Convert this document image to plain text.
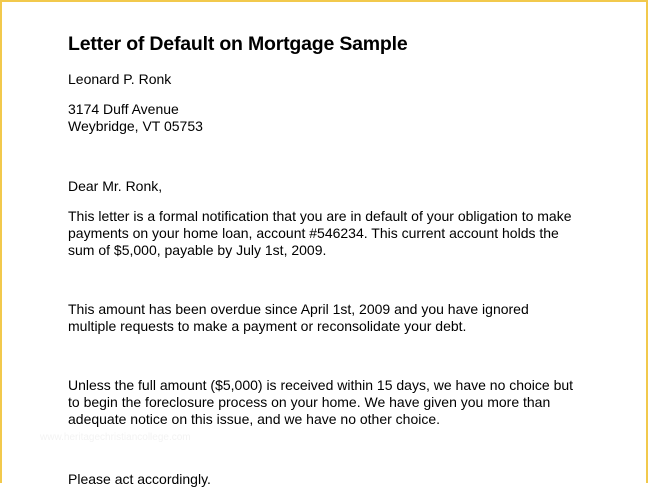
Letter of Default on Mortgage Sample
Leonard P. Ronk
3174 Duff Avenue
Weybridge, VT 05753
Dear Mr. Ronk,
This letter is a formal notification that you are in default of your obligation to make
payments on your home loan, account #546234. This current account holds the
sum of $5,000, payable by July 1st, 2009.
This amount has been overdue since April 1st, 2009 and you have ignored
multiple requests to make a payment or reconsolidate your debt.
Unless the full amount ($5,000) is received within 15 days, we have no choice but
to begin the foreclosure process on your home. We have given you more than
adequate notice on this issue, and we have no other choice.
Please act accordingly.
www.heritagechristiancollege.com
